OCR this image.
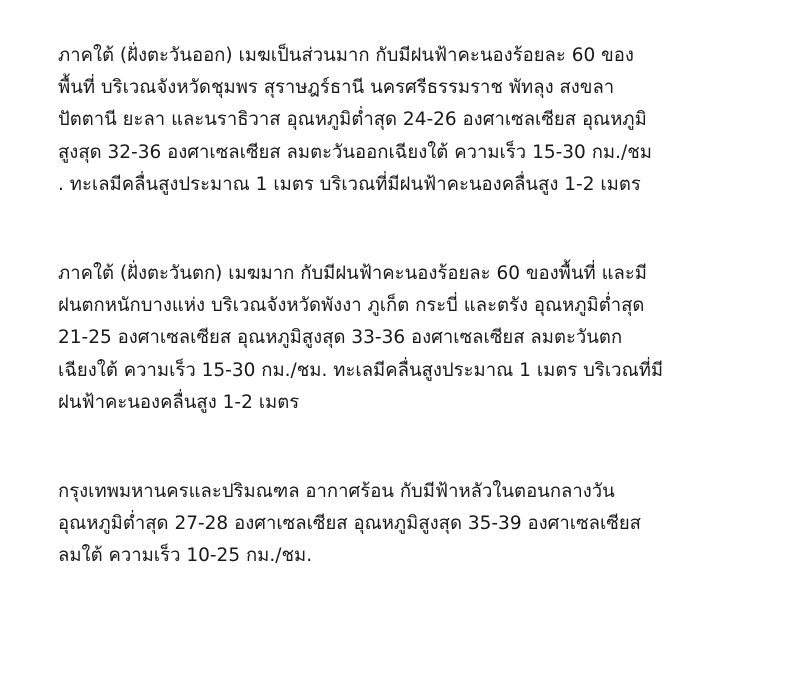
ภาคใต้ (ฝั่งตะวันออก) เมฆเป็นส่วนมาก กับมีฝนฟ้าคะนองร้อยละ 60 ของ
พื้นที่ บริเวณจังหวัดชุมพร สุราษฎร์ธานี นครศรีธรรมราช พัทลุง สงขลา
ปัตตานี ยะลา และนราธิวาส อุณหภูมิต่ำสุด 24-26 องศาเซลเซียส อุณหภูมิ
สูงสุด 32-36 องศาเซลเซียส ลมตะวันออกเฉียงใต้ ความเร็ว 15-30 กม./ชม
. ทะเลมีคลื่นสูงประมาณ 1 เมตร บริเวณที่มีฝนฟ้าคะนองคลื่นสูง 1-2 เมตร

ภาคใต้ (ฝั่งตะวันตก) เมฆมาก กับมีฝนฟ้าคะนองร้อยละ 60 ของพื้นที่ และมี
ฝนตกหนักบางแห่ง บริเวณจังหวัดพังงา ภูเก็ต กระบี่ และตรัง อุณหภูมิต่ำสุด
21-25 องศาเซลเซียส อุณหภูมิสูงสุด 33-36 องศาเซลเซียส ลมตะวันตก
เฉียงใต้ ความเร็ว 15-30 กม./ชม. ทะเลมีคลื่นสูงประมาณ 1 เมตร บริเวณที่มี
ฝนฟ้าคะนองคลื่นสูง 1-2 เมตร

กรุงเทพมหานครและปริมณฑล อากาศร้อน กับมีฟ้าหลัวในตอนกลางวัน
อุณหภูมิต่ำสุด 27-28 องศาเซลเซียส อุณหภูมิสูงสุด 35-39 องศาเซลเซียส
ลมใต้ ความเร็ว 10-25 กม./ชม.
